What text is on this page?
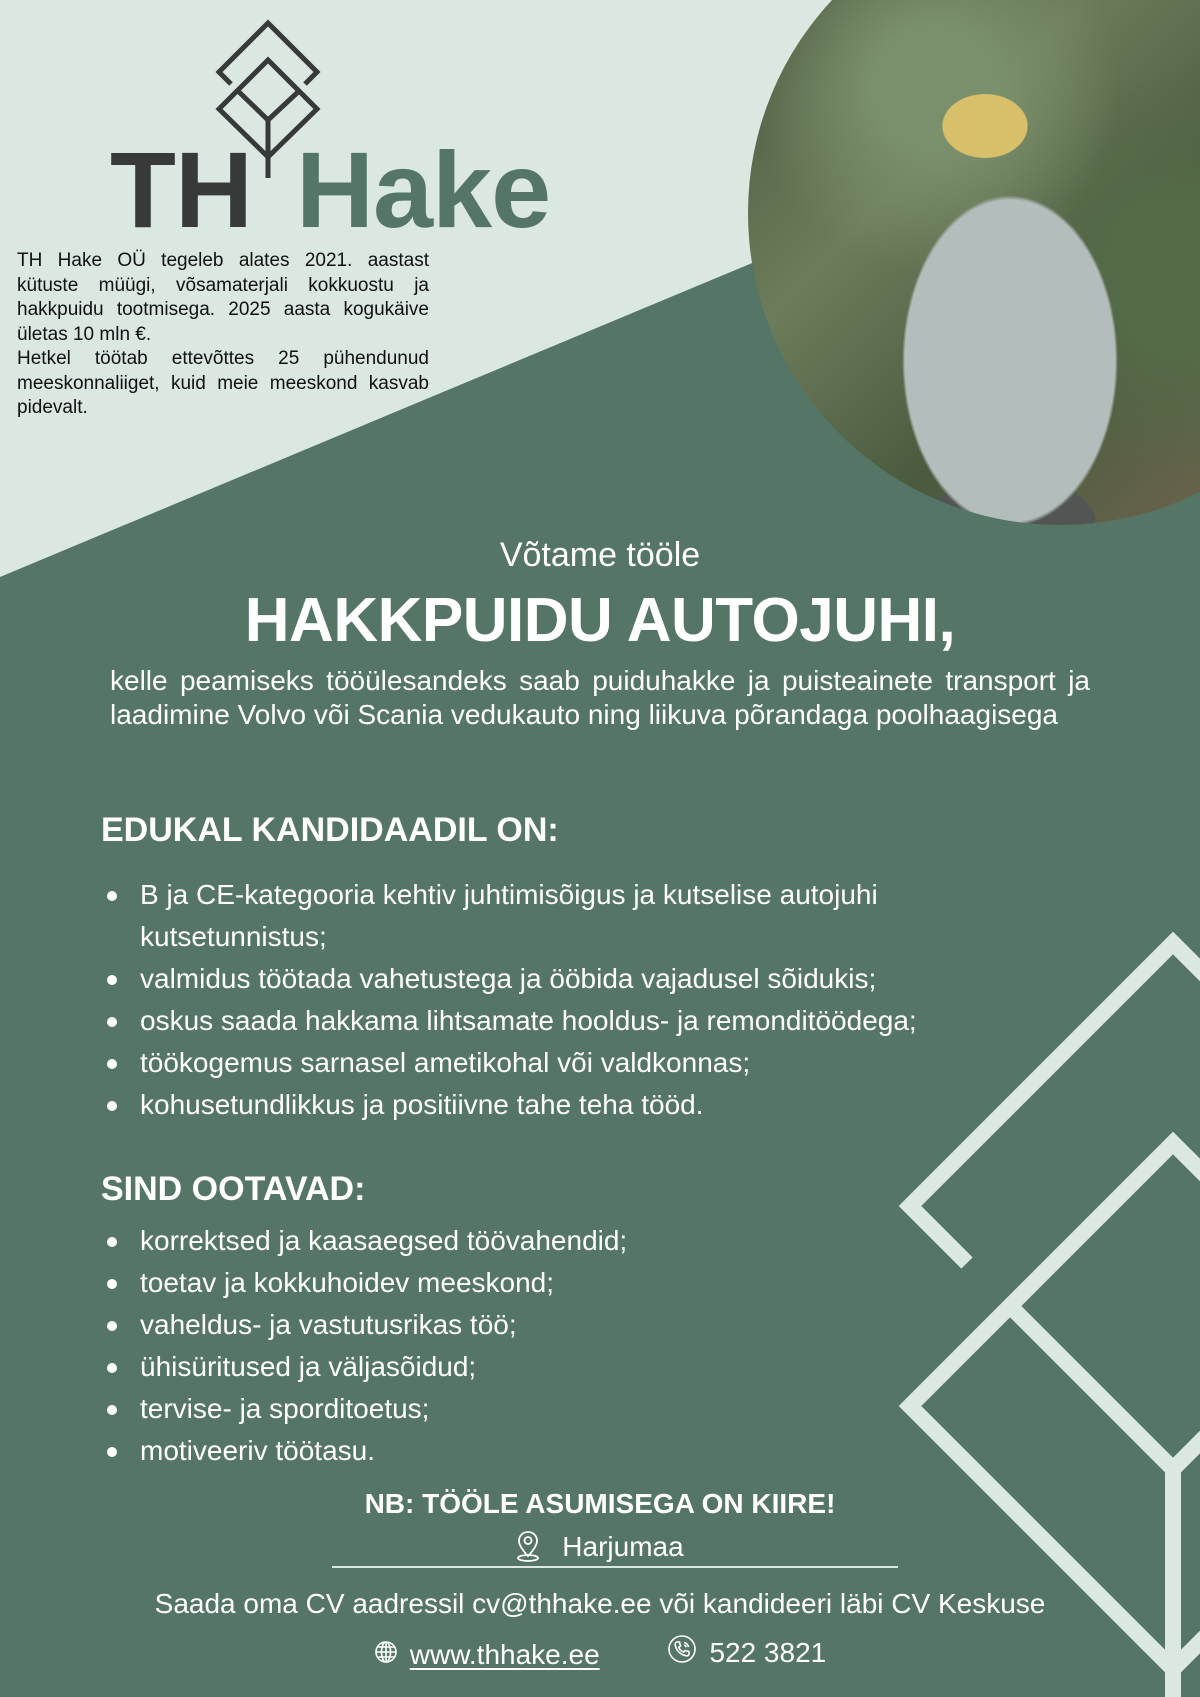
TH Hake

TH Hake OÜ tegeleb alates 2021. aastast kütuste müügi, võsamaterjali kokkuostu ja hakkpuidu tootmisega. 2025 aasta kogukäive ületas 10 mln €.

Hetkel töötab ettevõttes 25 pühendunud meeskonnaliiget, kuid meie meeskond kasvab pidevalt.

Võtame tööle
HAKKPUIDU AUTOJUHI,
kelle peamiseks tööülesandeks saab puiduhakke ja puisteainete transport ja laadimine Volvo või Scania vedukauto ning liikuva põrandaga poolhaagisega
EDUKAL KANDIDAADIL ON:
B ja CE-kategooria kehtiv juhtimisõigus ja kutselise autojuhi kutsetunnistus;
valmidus töötada vahetustega ja ööbida vajadusel sõidukis;
oskus saada hakkama lihtsamate hooldus- ja remonditöödega;
töökogemus sarnasel ametikohal või valdkonnas;
kohusetundlikkus ja positiivne tahe teha tööd.
SIND OOTAVAD:
korrektsed ja kaasaegsed töövahendid;
toetav ja kokkuhoidev meeskond;
vaheldus- ja vastutusrikas töö;
ühisüritused ja väljasõidud;
tervise- ja sporditoetus;
motiveeriv töötasu.
NB: TÖÖLE ASUMISEGA ON KIIRE!
Harjumaa
Saada oma CV aadressil cv@thhake.ee või kandideeri läbi CV Keskuse
www.thhake.ee
	522 3821
